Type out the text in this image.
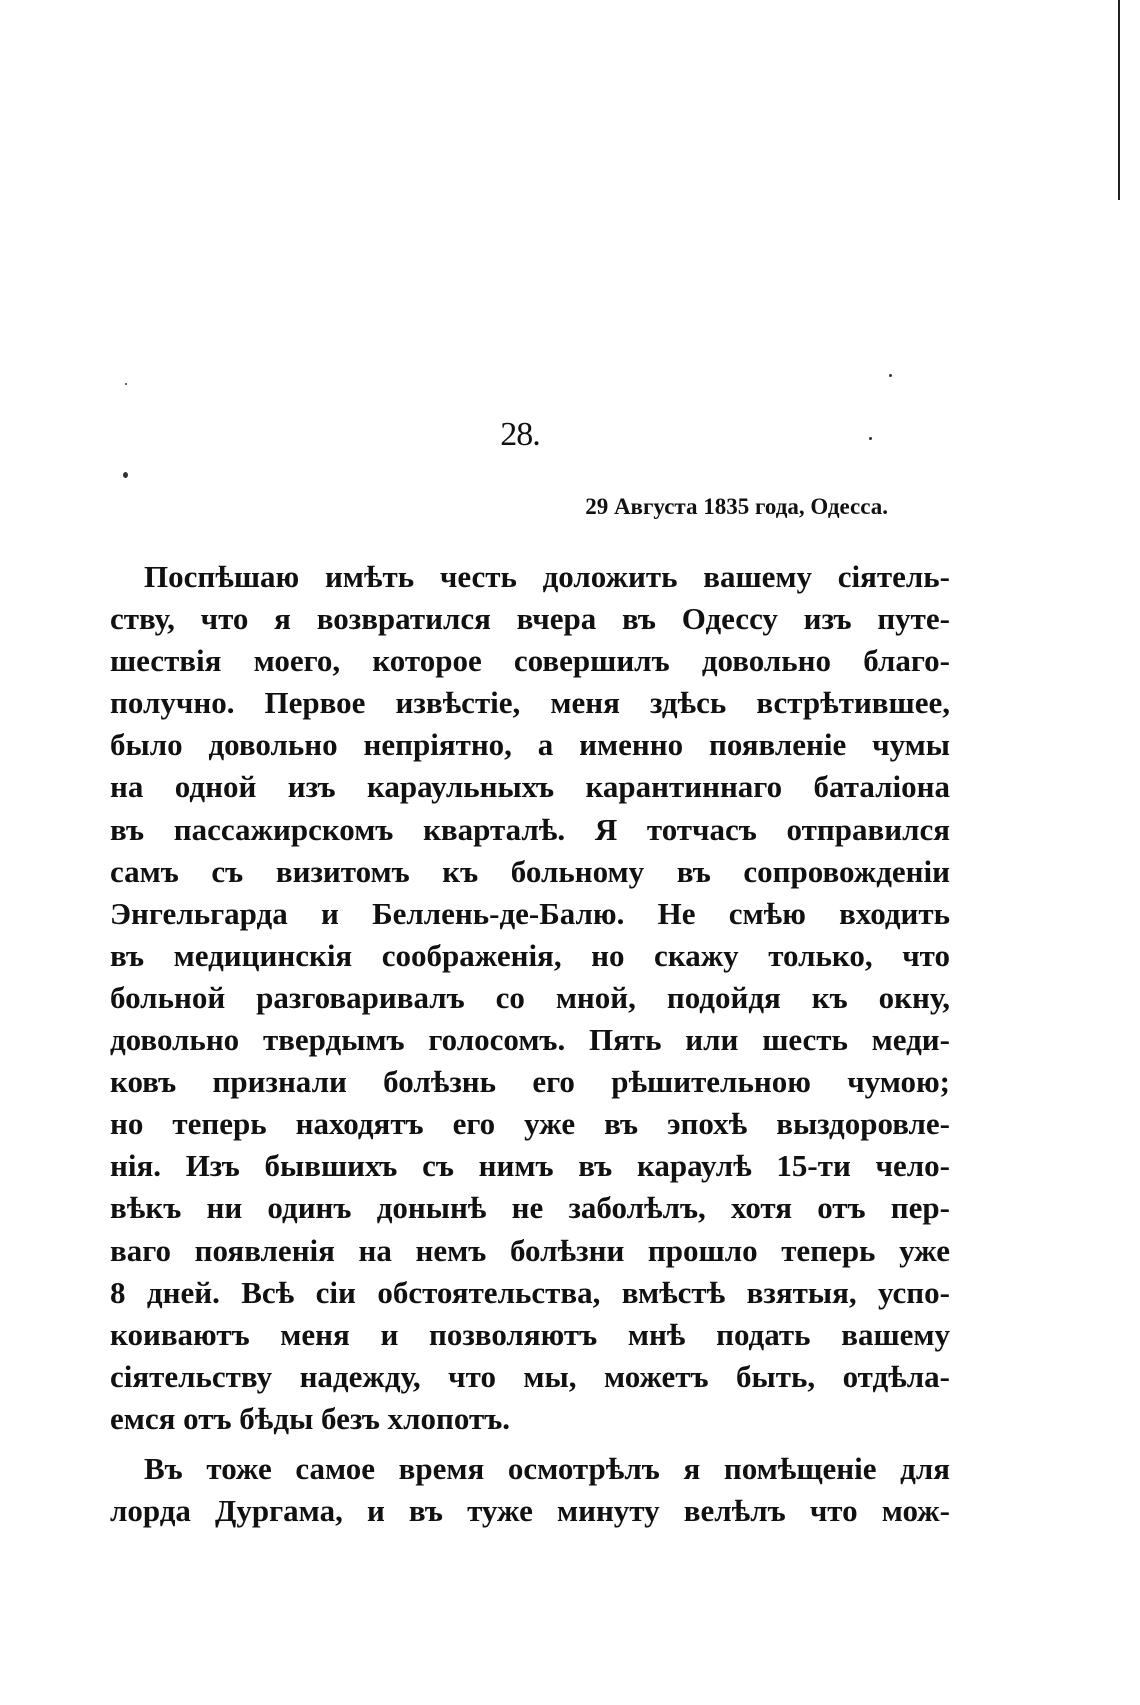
28.
29 Августа 1835 года, Одесса.
Поспѣшаю имѣть честь доложить вашему сіятель-
ству, что я возвратился вчера въ Одессу изъ путе-
шествія моего, которое совершилъ довольно благо-
получно. Первое извѣстіе, меня здѣсь встрѣтившее,
было довольно непріятно, а именно появленіе чумы
на одной изъ караульныхъ карантиннаго баталіона
въ пассажирскомъ кварталѣ. Я тотчасъ отправился
самъ съ визитомъ къ больному въ сопровожденіи
Энгельгарда и Беллень-де-Балю. Не смѣю входить
въ медицинскія соображенія, но скажу только, что
больной разговаривалъ со мной, подойдя къ окну,
довольно твердымъ голосомъ. Пять или шесть меди-
ковъ признали болѣзнь его рѣшительною чумою;
но теперь находятъ его уже въ эпохѣ выздоровле-
нія. Изъ бывшихъ съ нимъ въ караулѣ 15-ти чело-
вѣкъ ни одинъ донынѣ не заболѣлъ, хотя отъ пер-
ваго появленія на немъ болѣзни прошло теперь уже
8 дней. Всѣ сіи обстоятельства, вмѣстѣ взятыя, успо-
коиваютъ меня и позволяютъ мнѣ подать вашему
сіятельству надежду, что мы, можетъ быть, отдѣла-
емся отъ бѣды безъ хлопотъ.
Въ тоже самое время осмотрѣлъ я помѣщеніе для
лорда Дургама, и въ туже минуту велѣлъ что мож-
